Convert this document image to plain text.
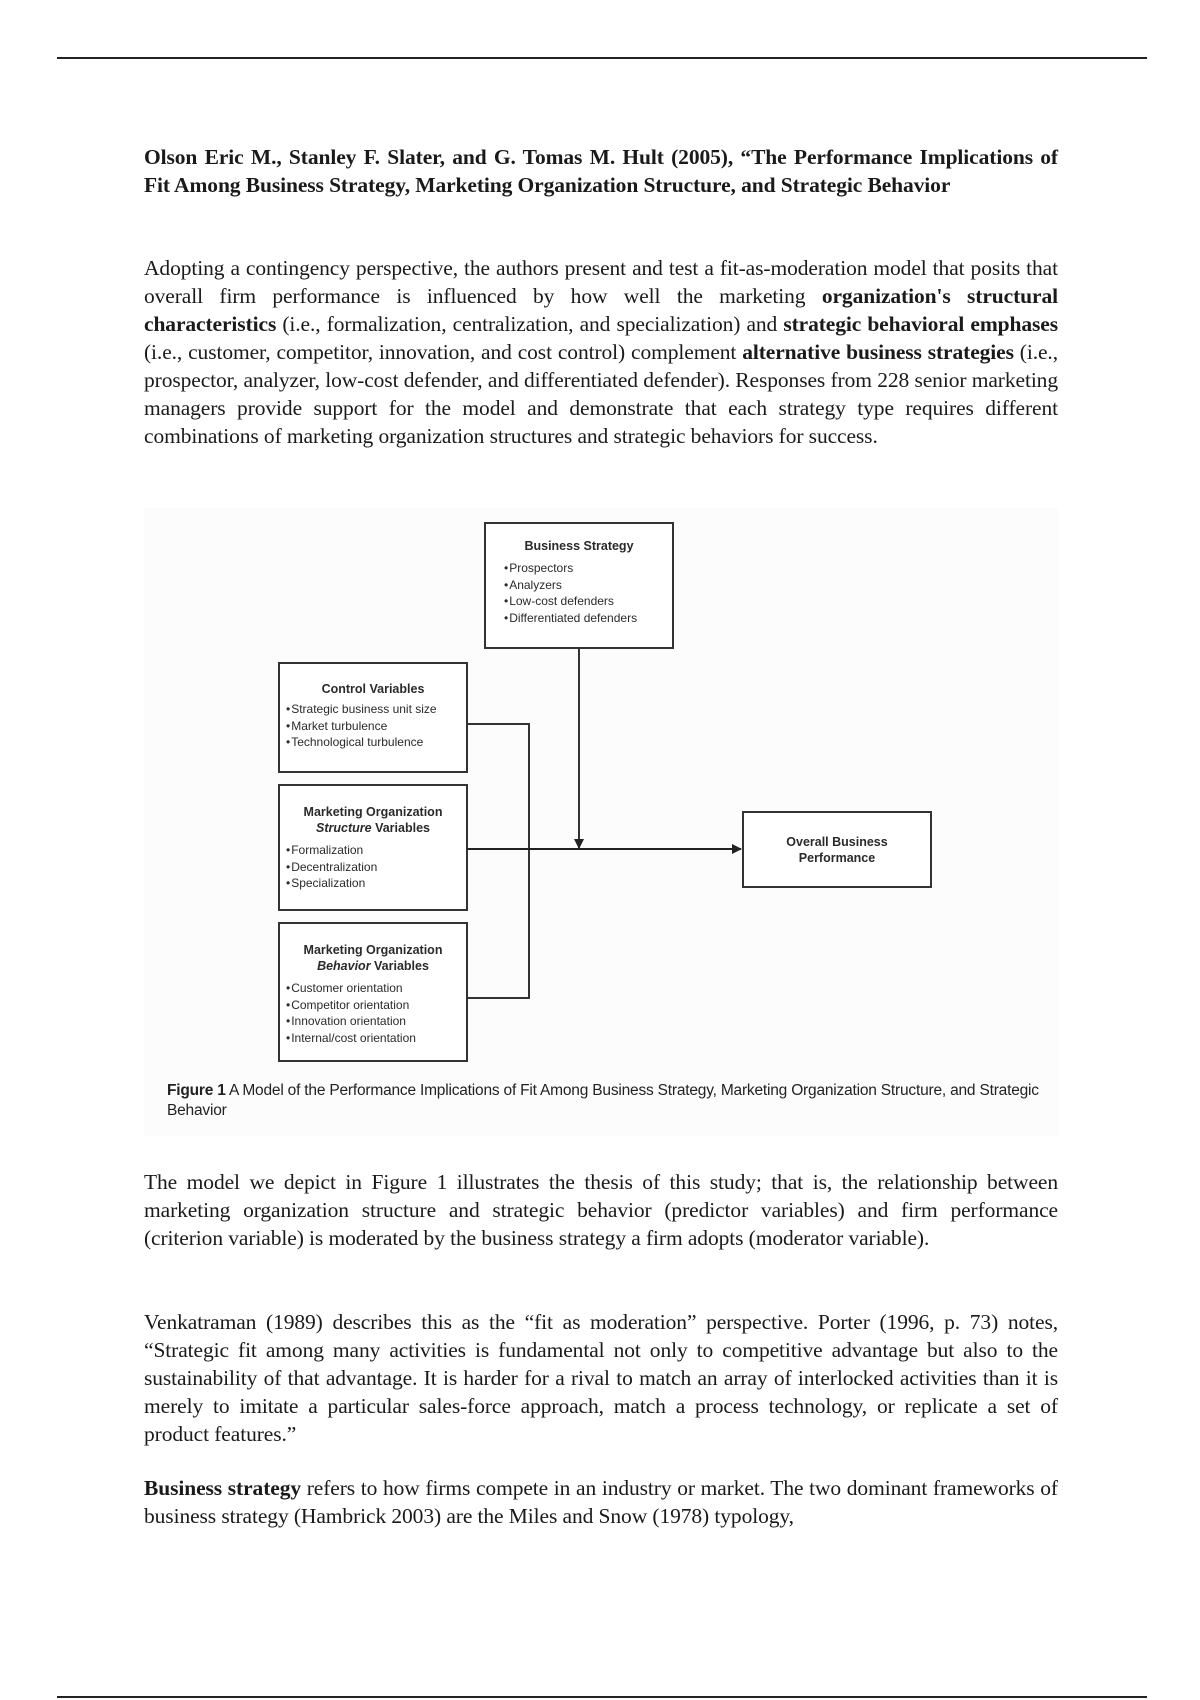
Olson Eric M., Stanley F. Slater, and G. Tomas M. Hult (2005), “The Performance Implications of Fit Among Business Strategy, Marketing Organization Structure, and Strategic Behavior
Adopting a contingency perspective, the authors present and test a fit-as-moderation model that posits that overall firm performance is influenced by how well the marketing organization's structural characteristics (i.e., formalization, centralization, and specialization) and strategic behavioral emphases (i.e., customer, competitor, innovation, and cost control) complement alternative business strategies (i.e., prospector, analyzer, low-cost defender, and differentiated defender). Responses from 228 senior marketing managers provide support for the model and demonstrate that each strategy type requires different combinations of marketing organization structures and strategic behaviors for success.
Business Strategy
• Prospectors
• Analyzers
• Low-cost defenders
• Differentiated defenders
Control Variables
• Strategic business unit size
• Market turbulence
• Technological turbulence
Marketing Organization
Structure Variables
• Formalization
• Decentralization
• Specialization
Marketing Organization
Behavior Variables
• Customer orientation
• Competitor orientation
• Innovation orientation
• Internal/cost orientation
Overall Business
Performance
Figure 1 A Model of the Performance Implications of Fit Among Business Strategy, Marketing Organization Structure, and Strategic Behavior
The model we depict in Figure 1 illustrates the thesis of this study; that is, the relationship between marketing organization structure and strategic behavior (predictor variables) and firm performance (criterion variable) is moderated by the business strategy a firm adopts (moderator variable).
Venkatraman (1989) describes this as the “fit as moderation” perspective. Porter (1996, p. 73) notes, “Strategic fit among many activities is fundamental not only to competitive advantage but also to the sustainability of that advantage. It is harder for a rival to match an array of interlocked activities than it is merely to imitate a particular sales-force approach, match a process technology, or replicate a set of product features.”
Business strategy refers to how firms compete in an industry or market. The two dominant frameworks of business strategy (Hambrick 2003) are the Miles and Snow (1978) typology,
